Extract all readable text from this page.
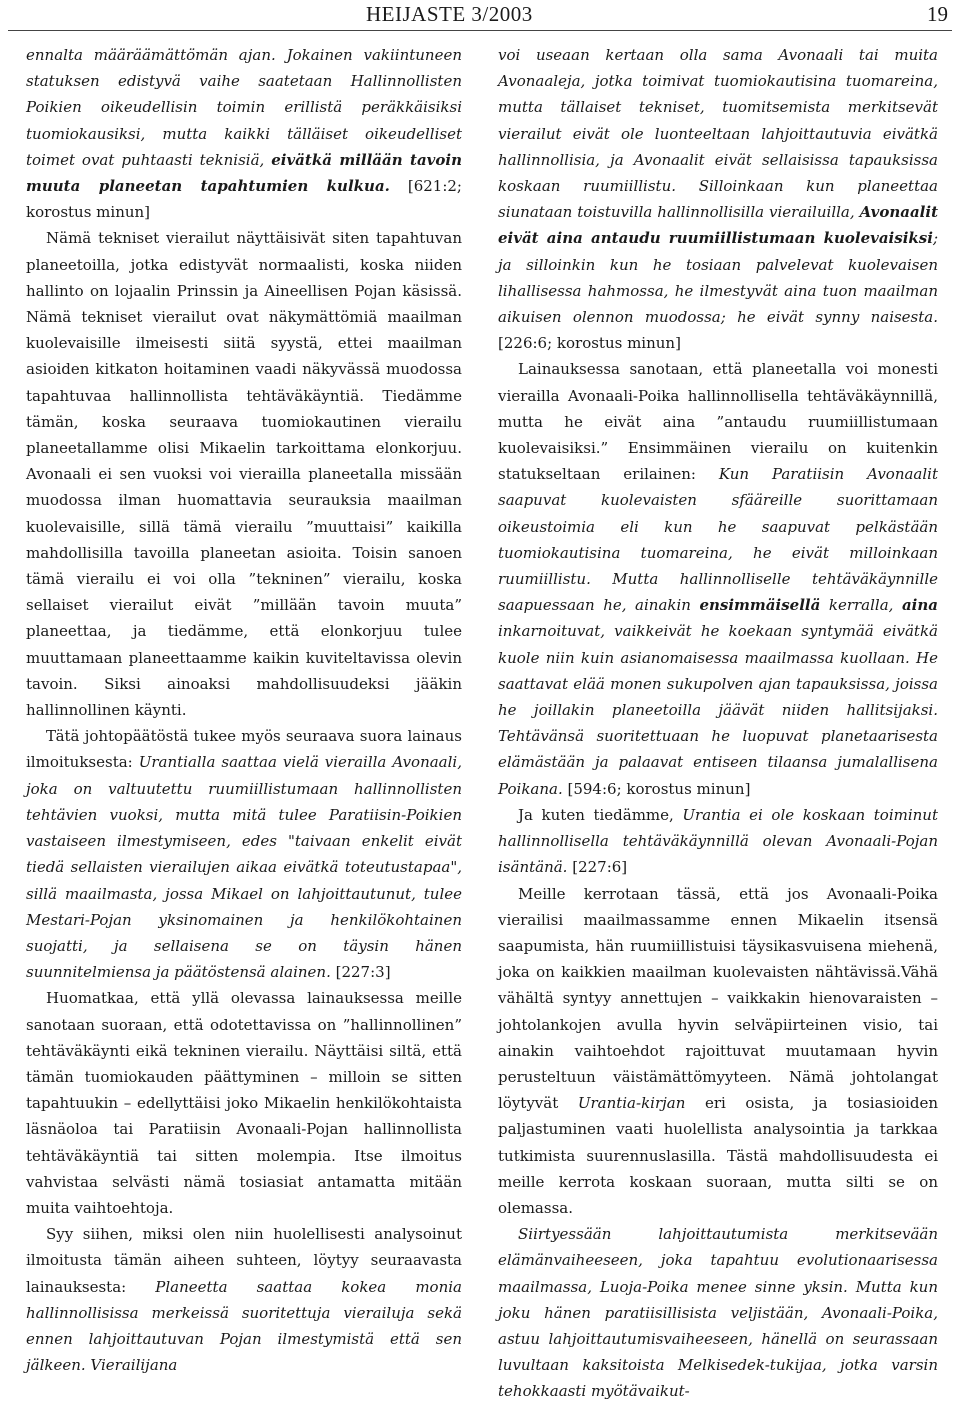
HEIJASTE 3/2003	19

ennalta määräämättömän ajan. Jokainen vakiintuneen statuksen edistyvä vaihe saatetaan Hallinnollisten Poikien oikeudellisin toimin erillistä peräkkäisiksi tuomiokausiksi, mutta kaikki tälläiset oikeudelliset toimet ovat puhtaasti teknisiä, eivätkä millään tavoin muuta planeetan tapahtumien kulkua. [621:2; korostus minun]

Nämä tekniset vierailut näyttäisivät siten tapahtuvan planeetoilla, jotka edistyvät normaalisti, koska niiden hallinto on lojaalin Prinssin ja Aineellisen Pojan käsissä. Nämä tekniset vierailut ovat näkymättömiä maailman kuolevaisille ilmeisesti siitä syystä, ettei maailman asioiden kitkaton hoitaminen vaadi näkyvässä muodossa tapahtuvaa hallinnollista tehtäväkäyntiä. Tiedämme tämän, koska seuraava tuomiokautinen vierailu planeetallamme olisi Mikaelin tarkoittama elonkorjuu. Avonaali ei sen vuoksi voi vierailla planeetalla missään muodossa ilman huomattavia seurauksia maailman kuolevaisille, sillä tämä vierailu ”muuttaisi” kaikilla mahdollisilla tavoilla planeetan asioita. Toisin sanoen tämä vierailu ei voi olla ”tekninen” vierailu, koska sellaiset vierailut eivät ”millään tavoin muuta” planeettaa, ja tiedämme, että elonkorjuu tulee muuttamaan planeettaamme kaikin kuviteltavissa olevin tavoin. Siksi ainoaksi mahdollisuudeksi jääkin hallinnollinen käynti.

Tätä johtopäätöstä tukee myös seuraava suora lainaus ilmoituksesta: Urantialla saattaa vielä vierailla Avonaali, joka on valtuutettu ruumiillistumaan hallinnollisten tehtävien vuoksi, mutta mitä tulee Paratiisin-Poikien vastaiseen ilmestymiseen, edes "taivaan enkelit eivät tiedä sellaisten vierailujen aikaa eivätkä toteutustapaa", sillä maailmasta, jossa Mikael on lahjoittautunut, tulee Mestari-Pojan yksinomainen ja henkilökohtainen suojatti, ja sellaisena se on täysin hänen suunnitelmiensa ja päätöstensä alainen. [227:3]

Huomatkaa, että yllä olevassa lainauksessa meille sanotaan suoraan, että odotettavissa on ”hallinnollinen” tehtäväkäynti eikä tekninen vierailu. Näyttäisi siltä, että tämän tuomiokauden päättyminen – milloin se sitten tapahtuukin – edellyttäisi joko Mikaelin henkilökohtaista läsnäoloa tai Paratiisin Avonaali-Pojan hallinnollista tehtäväkäyntiä tai sitten molempia. Itse ilmoitus vahvistaa selvästi nämä tosiasiat antamatta mitään muita vaihtoehtoja.

Syy siihen, miksi olen niin huolellisesti analysoinut ilmoitusta tämän aiheen suhteen, löytyy seuraavasta lainauksesta: Planeetta saattaa kokea monia hallinnollisissa merkeissä suoritettuja vierailuja sekä ennen lahjoittautuvan Pojan ilmestymistä että sen jälkeen. Vierailijana

voi useaan kertaan olla sama Avonaali tai muita Avonaaleja, jotka toimivat tuomiokautisina tuomareina, mutta tällaiset tekniset, tuomitsemista merkitsevät vierailut eivät ole luonteeltaan lahjoittautuvia eivätkä hallinnollisia, ja Avonaalit eivät sellaisissa tapauksissa koskaan ruumiillistu. Silloinkaan kun planeettaa siunataan toistuvilla hallinnollisilla vierailuilla, Avonaalit eivät aina antaudu ruumiillistumaan kuolevaisiksi; ja silloinkin kun he tosiaan palvelevat kuolevaisen lihallisessa hahmossa, he ilmestyvät aina tuon maailman aikuisen olennon muodossa; he eivät synny naisesta. [226:6; korostus minun]

Lainauksessa sanotaan, että planeetalla voi monesti vierailla Avonaali-Poika hallinnollisella tehtäväkäynnillä, mutta he eivät aina ”antaudu ruumiillistumaan kuolevaisiksi.” Ensimmäinen vierailu on kuitenkin statukseltaan erilainen: Kun Paratiisin Avonaalit saapuvat kuolevaisten sfääreille suorittamaan oikeustoimia eli kun he saapuvat pelkästään tuomiokautisina tuomareina, he eivät milloinkaan ruumiillistu. Mutta hallinnolliselle tehtäväkäynnille saapuessaan he, ainakin ensimmäisellä kerralla, aina inkarnoituvat, vaikkeivät he koekaan syntymää eivätkä kuole niin kuin asianomaisessa maailmassa kuollaan. He saattavat elää monen sukupolven ajan tapauksissa, joissa he joillakin planeetoilla jäävät niiden hallitsijaksi. Tehtävänsä suoritettuaan he luopuvat planetaarisesta elämästään ja palaavat entiseen tilaansa jumalallisena Poikana. [594:6; korostus minun]

Ja kuten tiedämme, Urantia ei ole koskaan toiminut hallinnollisella tehtäväkäynnillä olevan Avonaali-Pojan isäntänä. [227:6]

Meille kerrotaan tässä, että jos Avonaali-Poika vierailisi maailmassamme ennen Mikaelin itsensä saapumista, hän ruumiillistuisi täysikasvuisena miehenä, joka on kaikkien maailman kuolevaisten nähtävissä.Vähä vähältä syntyy annettujen – vaikkakin hienovaraisten – johtolankojen avulla hyvin selväpiirteinen visio, tai ainakin vaihtoehdot rajoittuvat muutamaan hyvin perusteltuun väistämättömyyteen. Nämä johtolangat löytyvät Urantia-kirjan eri osista, ja tosiasioiden paljastuminen vaati huolellista analysointia ja tarkkaa tutkimista suurennuslasilla. Tästä mahdollisuudesta ei meille kerrota koskaan suoraan, mutta silti se on olemassa.

Siirtyessään lahjoittautumista merkitsevään elämänvaiheeseen, joka tapahtuu evolutionaarisessa maailmassa, Luoja-Poika menee sinne yksin. Mutta kun joku hänen paratiisillisista veljistään, Avonaali-Poika, astuu lahjoittautumisvaiheeseen, hänellä on seurassaan luvultaan kaksitoista Melkisedek-tukijaa, jotka varsin tehokkaasti myötävaikut-
